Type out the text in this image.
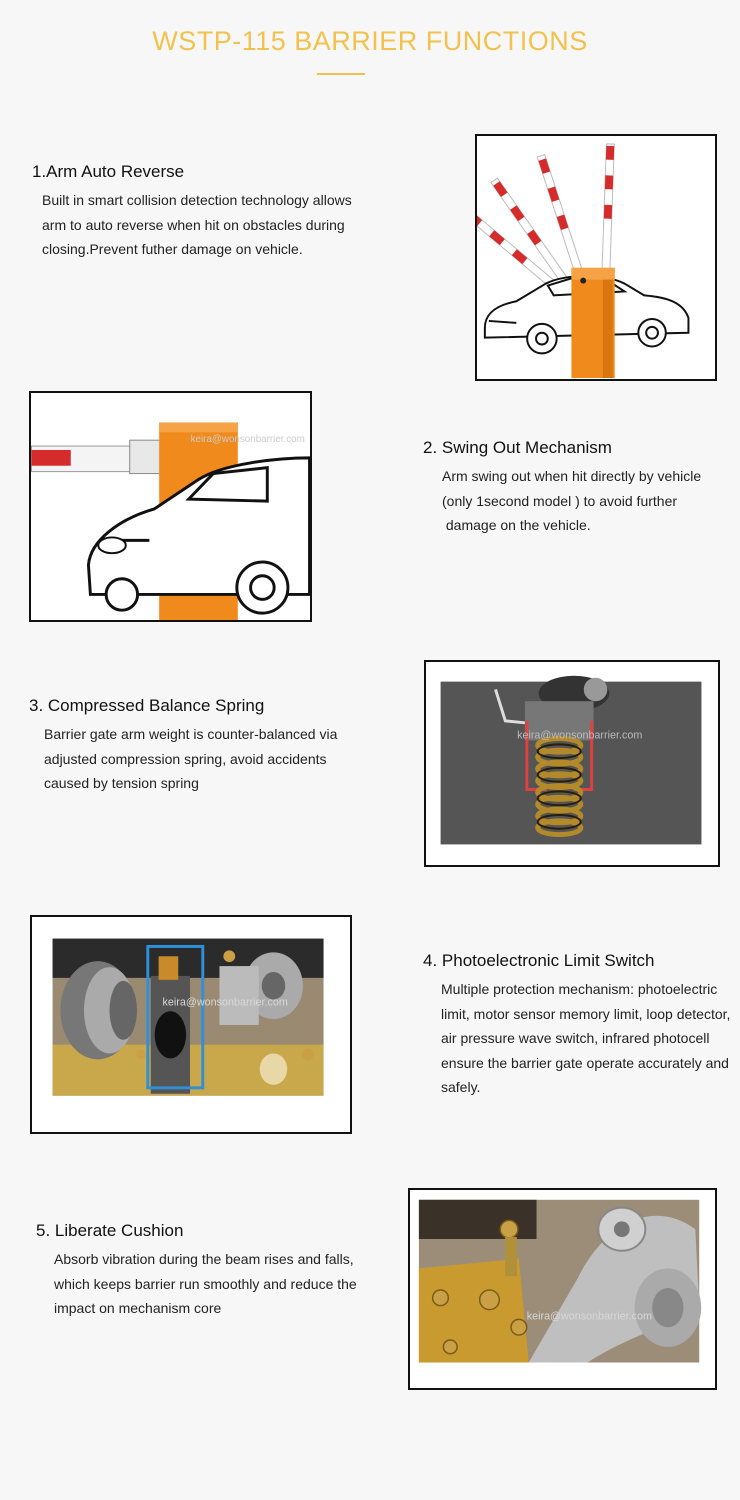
WSTP-115 BARRIER FUNCTIONS
1.Arm Auto Reverse

Built in smart collision detection technology allows
arm to auto reverse when hit on obstacles during
closing.Prevent futher damage on vehicle.

keira@wonsonbarrier.com	2. Swing Out Mechanism

Arm swing out when hit directly by vehicle
(only 1second model ) to avoid further
damage on the vehicle.

3. Compressed Balance Spring

Barrier gate arm weight is counter-balanced via
adjusted compression spring, avoid accidents
caused by tension spring

keira@wonsonbarrier.com
keira@wonsonbarrier.com
4. Photoelectronic Limit Switch

Multiple protection mechanism: photoelectric
limit, motor sensor memory limit, loop detector,
air pressure wave switch, infrared photocell
ensure the barrier gate operate accurately and
safely.

5. Liberate Cushion

Absorb vibration during the beam rises and falls,
which keeps barrier run smoothly and reduce the
impact on mechanism core

keira@wonsonbarrier.com
